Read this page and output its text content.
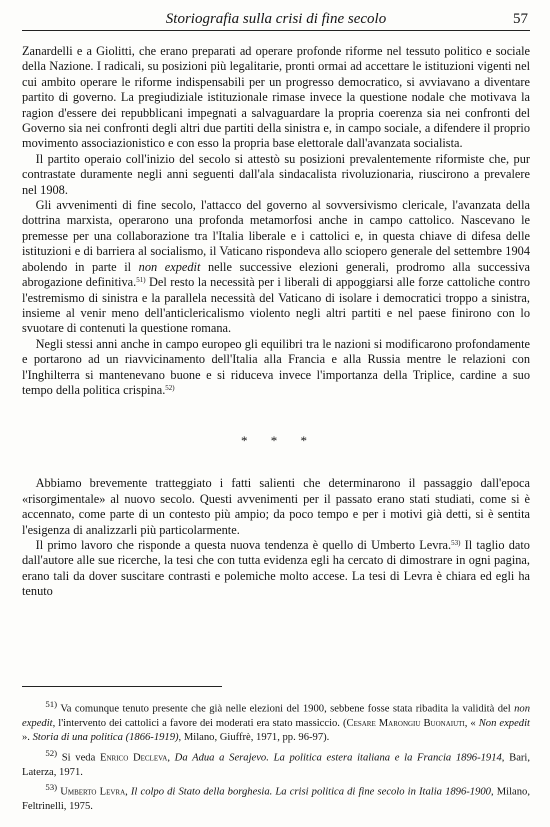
Storiografia sulla crisi di fine secolo	57

Zanardelli e a Giolitti, che erano preparati ad operare profonde riforme nel tessuto politico e sociale della Nazione. I radicali, su posizioni più legalitarie, pronti ormai ad accettare le istituzioni vigenti nel cui ambito operare le riforme indispensabili per un progresso democratico, si avviavano a diventare partito di governo. La pregiudiziale istituzionale rimase invece la questione nodale che motivava la ragion d'essere dei repubblicani impegnati a salvaguardare la propria coerenza sia nei confronti del Governo sia nei confronti degli altri due partiti della sinistra e, in campo sociale, a difendere il proprio movimento associazionistico e con esso la propria base elettorale dall'avanzata socialista.

Il partito operaio coll'inizio del secolo si attestò su posizioni prevalentemente riformiste che, pur contrastate duramente negli anni seguenti dall'ala sindacalista rivoluzionaria, riuscirono a prevalere nel 1908.

Gli avvenimenti di fine secolo, l'attacco del governo al sovversivismo clericale, l'avanzata della dottrina marxista, operarono una profonda metamorfosi anche in campo cattolico. Nascevano le premesse per una collaborazione tra l'Italia liberale e i cattolici e, in questa chiave di difesa delle istituzioni e di barriera al socialismo, il Vaticano rispondeva allo sciopero generale del settembre 1904 abolendo in parte il non expedit nelle successive elezioni generali, prodromo alla successiva abrogazione definitiva.$^{51)}$ Del resto la necessità per i liberali di appoggiarsi alle forze cattoliche contro l'estremismo di sinistra e la parallela necessità del Vaticano di isolare i democratici troppo a sinistra, insieme al venir meno dell'anticlericalismo violento negli altri partiti e nel paese finirono con lo svuotare di contenuti la questione romana.

Negli stessi anni anche in campo europeo gli equilibri tra le nazioni si modificarono profondamente e portarono ad un riavvicinamento dell'Italia alla Francia e alla Russia mentre le relazioni con l'Inghilterra si mantenevano buone e si riduceva invece l'importanza della Triplice, cardine a suo tempo della politica crispina.$^{52)}$

* * *

Abbiamo brevemente tratteggiato i fatti salienti che determinarono il passaggio dall'epoca «risorgimentale» al nuovo secolo. Questi avvenimenti per il passato erano stati studiati, come si è accennato, come parte di un contesto più ampio; da poco tempo e per i motivi già detti, si è sentita l'esigenza di analizzarli più particolarmente.

Il primo lavoro che risponde a questa nuova tendenza è quello di Umberto Levra.$^{53)}$ Il taglio dato dall'autore alle sue ricerche, la tesi che con tutta evidenza egli ha cercato di dimostrare in ogni pagina, erano tali da dover suscitare contrasti e polemiche molto accese. La tesi di Levra è chiara ed egli ha tenuto

$^{51)}$ Va comunque tenuto presente che già nelle elezioni del 1900, sebbene fosse stata ribadita la validità del non expedit, l'intervento dei cattolici a favore dei moderati era stato massiccio. (Cesare Marongiu Buonaiuti, « Non expedit ». Storia di una politica (1866-1919), Milano, Giuffrè, 1971, pp. 96-97).

$^{52)}$ Si veda Enrico Decleva, Da Adua a Serajevo. La politica estera italiana e la Francia 1896-1914, Bari, Laterza, 1971.

$^{53)}$ Umberto Levra, Il colpo di Stato della borghesia. La crisi politica di fine secolo in Italia 1896-1900, Milano, Feltrinelli, 1975.
